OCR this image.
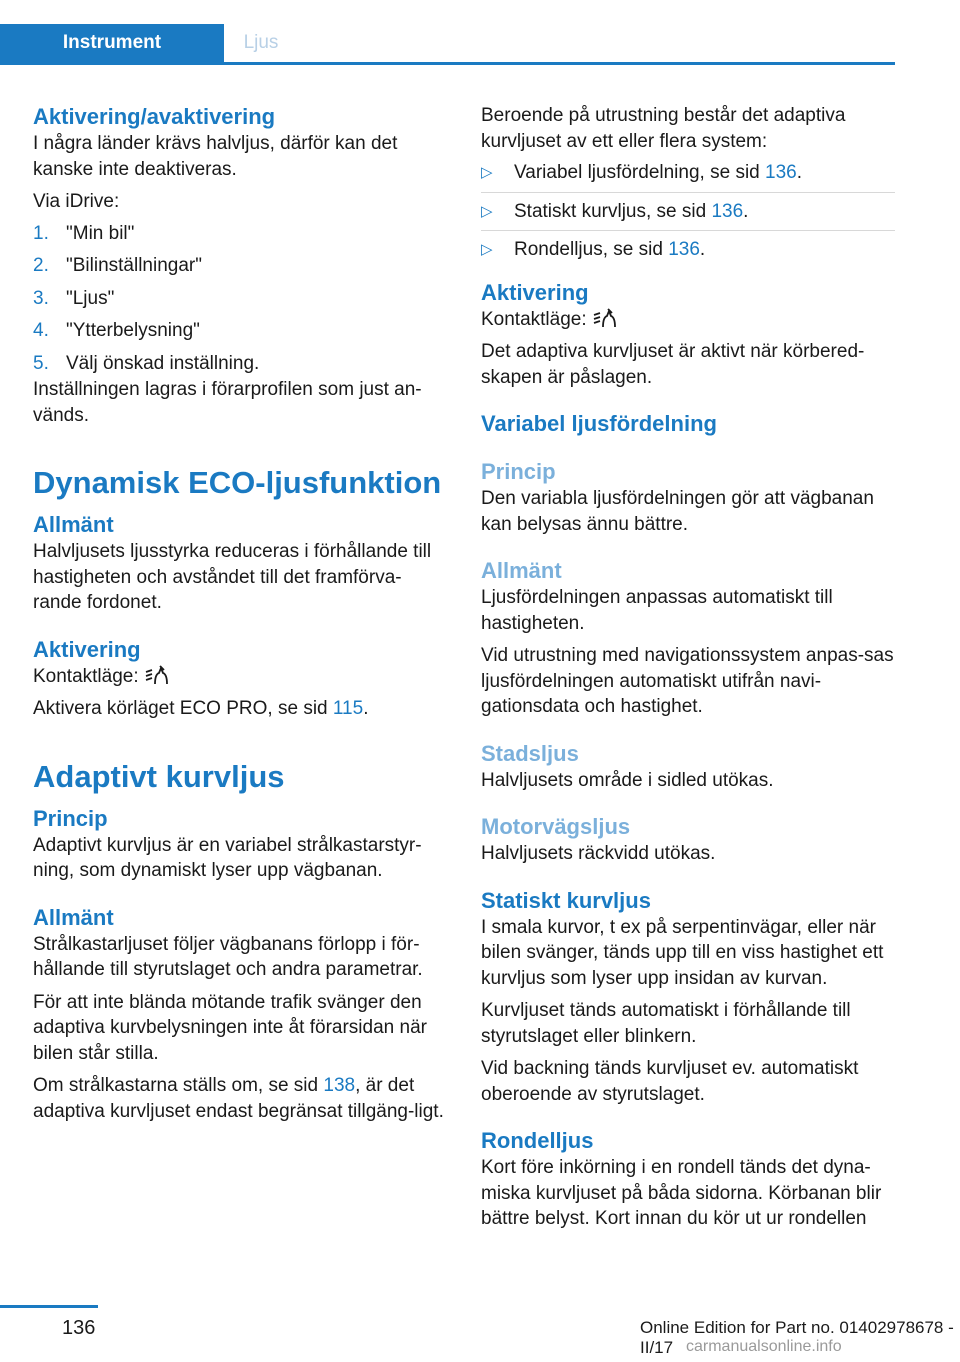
Instrument	Ljus
Aktivering/avaktivering

I några länder krävs halvljus, därför kan det kanske inte deaktiveras.

Via iDrive:

1. "Min bil"
2. "Bilinställningar"
3. "Ljus"
4. "Ytterbelysning"
5. Välj önskad inställning.

Inställningen lagras i förarprofilen som just an‐vänds.

Dynamisk ECO-ljusfunktion
Allmänt

Halvljusets ljusstyrka reduceras i förhållande till hastigheten och avståndet till det framförva‐rande fordonet.

Aktivering

Kontaktläge:

Aktivera körläget ECO PRO, se sid 115.

Adaptivt kurvljus
Princip

Adaptivt kurvljus är en variabel strålkastarstyr‐ning, som dynamiskt lyser upp vägbanan.

Allmänt

Strålkastarljuset följer vägbanans förlopp i för‐hållande till styrutslaget och andra parametrar.

För att inte blända mötande trafik svänger den adaptiva kurvbelysningen inte åt förarsidan när bilen står stilla.

Om strålkastarna ställs om, se sid 138, är det adaptiva kurvljuset endast begränsat tillgäng‐ligt.

Beroende på utrustning består det adaptiva kurvljuset av ett eller flera system:

▷ Variabel ljusfördelning, se sid 136.
▷ Statiskt kurvljus, se sid 136.
▷ Rondelljus, se sid 136.
Aktivering

Kontaktläge:

Det adaptiva kurvljuset är aktivt när körbered‐skapen är påslagen.

Variabel ljusfördelning
Princip

Den variabla ljusfördelningen gör att vägbanan kan belysas ännu bättre.

Allmänt

Ljusfördelningen anpassas automatiskt till hastigheten.

Vid utrustning med navigationssystem anpas‐sas ljusfördelningen automatiskt utifrån navi‐gationsdata och hastighet.

Stadsljus

Halvljusets område i sidled utökas.

Motorvägsljus

Halvljusets räckvidd utökas.

Statiskt kurvljus

I smala kurvor, t ex på serpentinvägar, eller när bilen svänger, tänds upp till en viss hastighet ett kurvljus som lyser upp insidan av kurvan.

Kurvljuset tänds automatiskt i förhållande till styrutslaget eller blinkern.

Vid backning tänds kurvljuset ev. automatiskt oberoende av styrutslaget.

Rondelljus

Kort före inkörning i en rondell tänds det dyna‐miska kurvljuset på båda sidorna. Körbanan blir bättre belyst. Kort innan du kör ut ur rondellen

136	Online Edition for Part no. 01402978678 - II/17 carmanualsonline.info
